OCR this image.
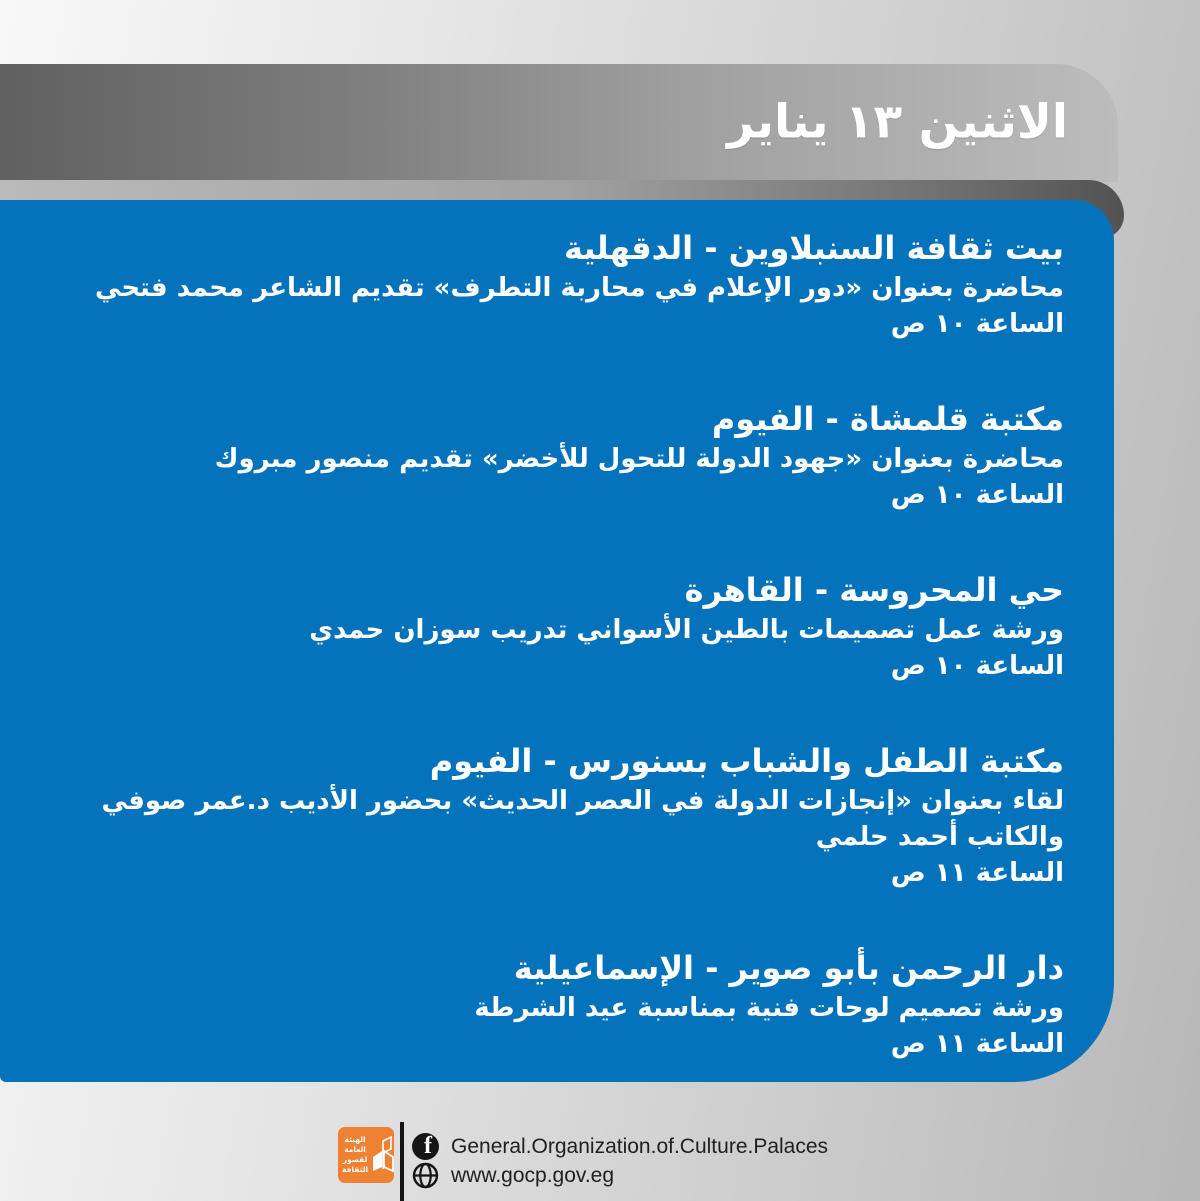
الاثنين ١٣ يناير
بيت ثقافة السنبلاوين - الدقهلية
محاضرة بعنوان «دور الإعلام في محاربة التطرف» تقديم الشاعر محمد فتحي
الساعة ١٠ ص
مكتبة قلمشاة - الفيوم
محاضرة بعنوان «جهود الدولة للتحول للأخضر» تقديم منصور مبروك
الساعة ١٠ ص
حي المحروسة - القاهرة
ورشة عمل تصميمات بالطين الأسواني تدريب سوزان حمدي
الساعة ١٠ ص
مكتبة الطفل والشباب بسنورس - الفيوم
لقاء بعنوان «إنجازات الدولة في العصر الحديث» بحضور الأديب د.عمر صوفي والكاتب أحمد حلمي
الساعة ١١ ص
دار الرحمن بأبو صوير - الإسماعيلية
ورشة تصميم لوحات فنية بمناسبة عيد الشرطة
الساعة ١١ ص
الهيئة
العامة
لقصور
الثقافة
f General.Organization.of.Culture.Palaces
www.gocp.gov.eg
